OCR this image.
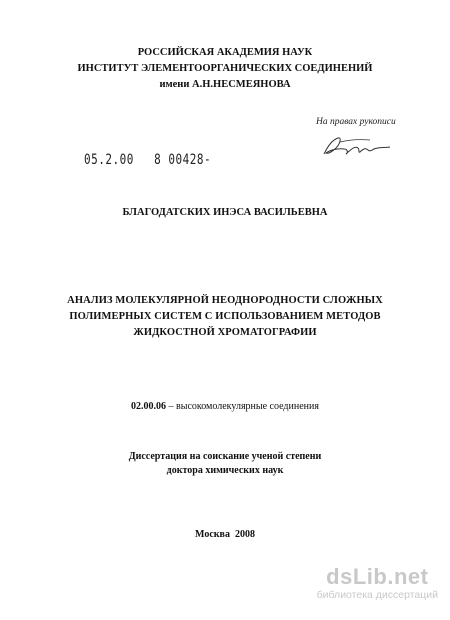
РОССИЙСКАЯ АКАДЕМИЯ НАУК
ИНСТИТУТ ЭЛЕМЕНТООРГАНИЧЕСКИХ СОЕДИНЕНИЙ
имени А.Н.НЕСМЕЯНОВА
На правах рукописи
05.2.00 8 00428-
БЛАГОДАТСКИХ ИНЭСА ВАСИЛЬЕВНА
АНАЛИЗ МОЛЕКУЛЯРНОЙ НЕОДНОРОДНОСТИ СЛОЖНЫХ
ПОЛИМЕРНЫХ СИСТЕМ С ИСПОЛЬЗОВАНИЕМ МЕТОДОВ
ЖИДКОСТНОЙ ХРОМАТОГРАФИИ
02.00.06 – высокомолекулярные соединения
Диссертация на соискание ученой степени
доктора химических наук
Москва  2008
dsLib.net
библиотека диссертаций
